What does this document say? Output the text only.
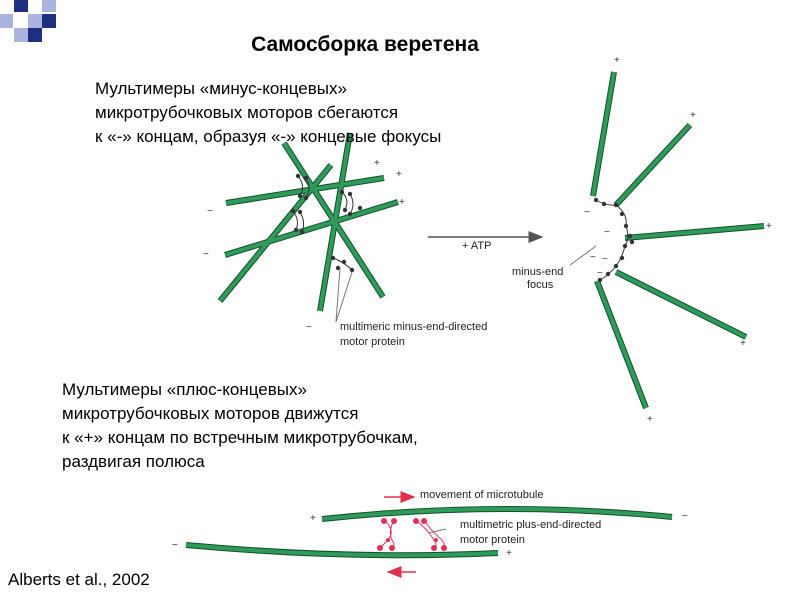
−
−
+
+
−
+
multimeric minus-end-directed
motor protein
+ ATP
+
+
+
+
+
−
−
− −
−
minus-end
focus
movement of microtubule
+	−
−
+
multimetric plus-end-directed
motor protein
Самосборка веретена
Мультимеры «минус-концевых»
микротрубочковых моторов сбегаются
к «-» концам, образуя «-» концевые фокусы
Мультимеры «плюс-концевых»
микротрубочковых моторов движутся
к «+» концам по встречным микротрубочкам,
раздвигая полюса
Alberts et al., 2002
